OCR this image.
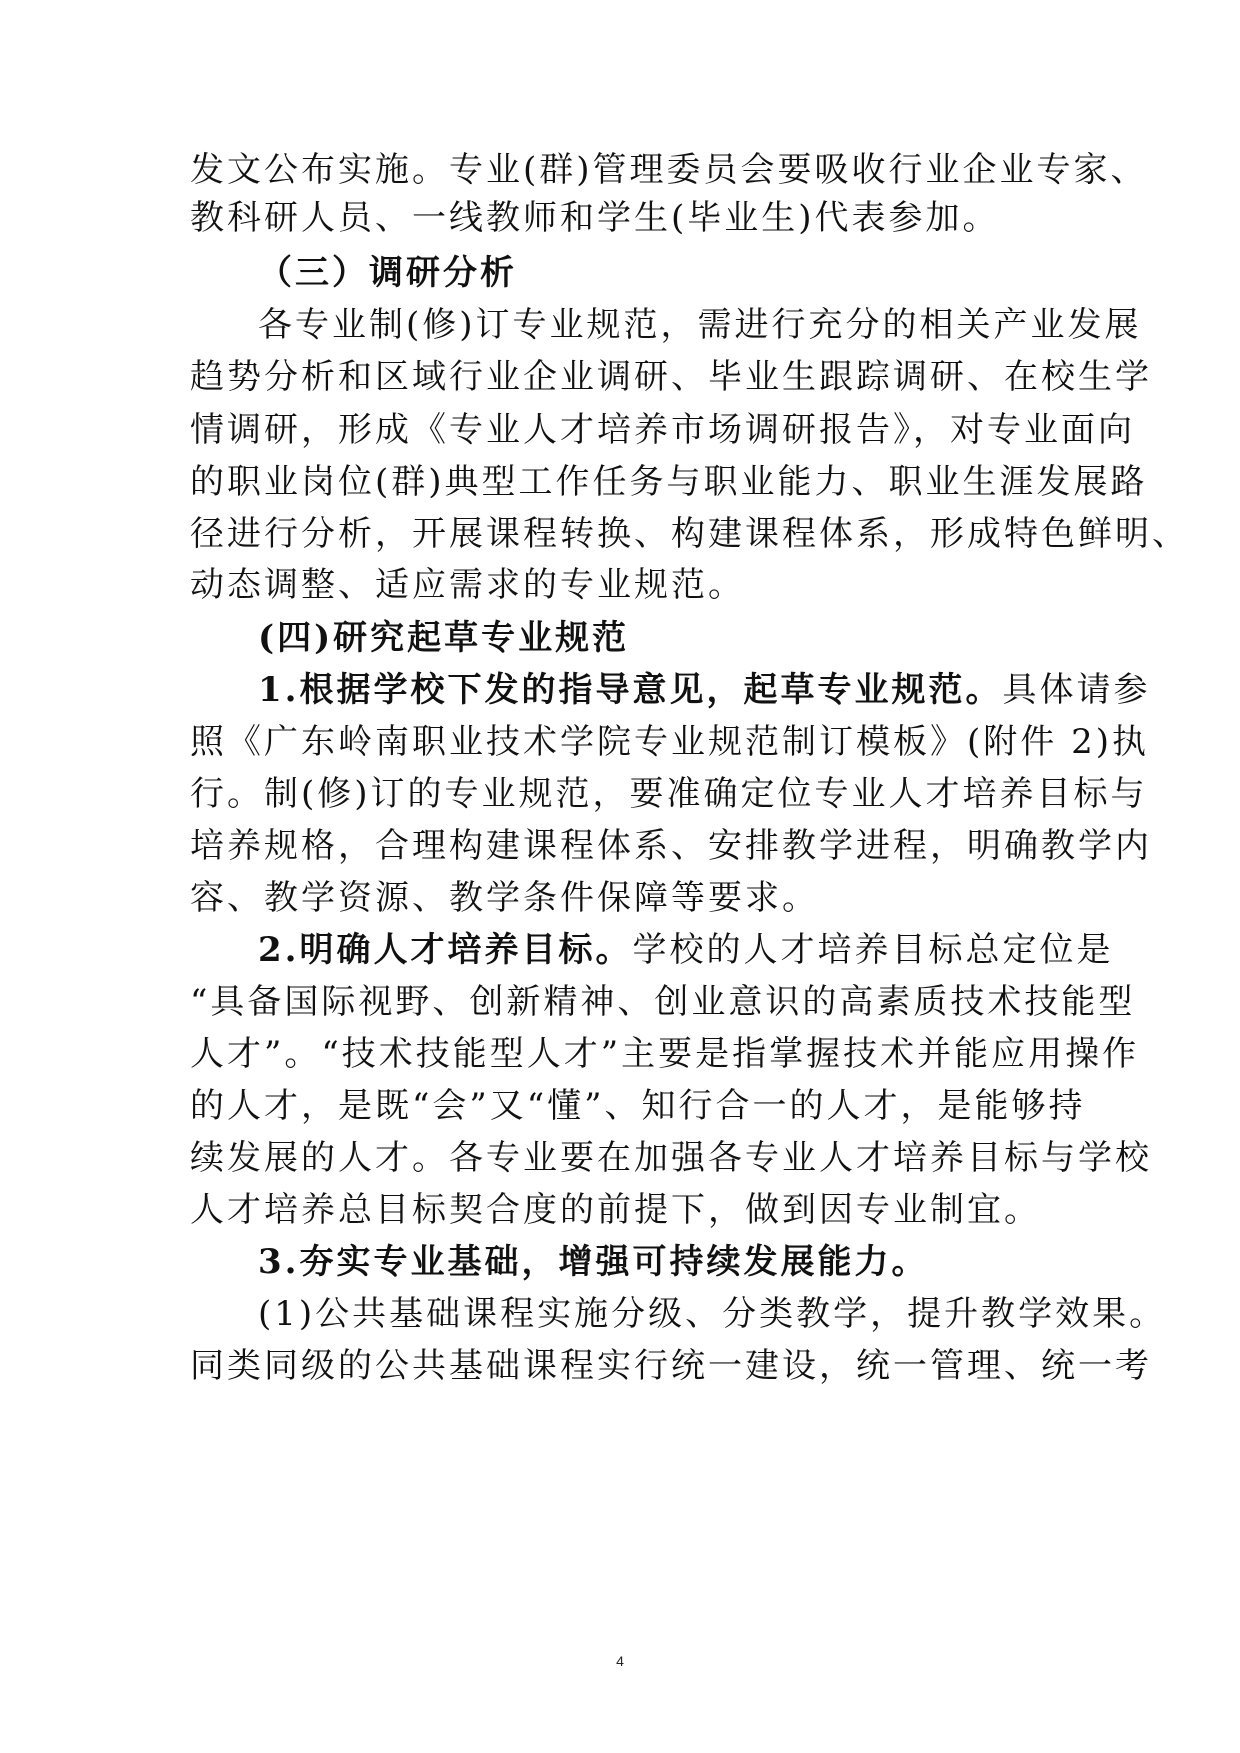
发文公布实施。专业(群)管理委员会要吸收行业企业专家、
教科研人员、一线教师和学生(毕业生)代表参加。
（三）调研分析
各专业制(修)订专业规范，需进行充分的相关产业发展
趋势分析和区域行业企业调研、毕业生跟踪调研、在校生学
情调研，形成《专业人才培养市场调研报告》，对专业面向
的职业岗位(群)典型工作任务与职业能力、职业生涯发展路
径进行分析，开展课程转换、构建课程体系，形成特色鲜明、
动态调整、适应需求的专业规范。
(四)研究起草专业规范
1.根据学校下发的指导意见，起草专业规范。具体请参
照《广东岭南职业技术学院专业规范制订模板》(附件 2)执
行。制(修)订的专业规范，要准确定位专业人才培养目标与
培养规格，合理构建课程体系、安排教学进程，明确教学内
容、教学资源、教学条件保障等要求。
2.明确人才培养目标。学校的人才培养目标总定位是
“具备国际视野、创新精神、创业意识的高素质技术技能型
人才”。“技术技能型人才”主要是指掌握技术并能应用操作
的人才，是既“会”又“懂”、知行合一的人才，是能够持
续发展的人才。各专业要在加强各专业人才培养目标与学校
人才培养总目标契合度的前提下，做到因专业制宜。
3.夯实专业基础，增强可持续发展能力。
(1)公共基础课程实施分级、分类教学，提升教学效果。
同类同级的公共基础课程实行统一建设，统一管理、统一考
4
